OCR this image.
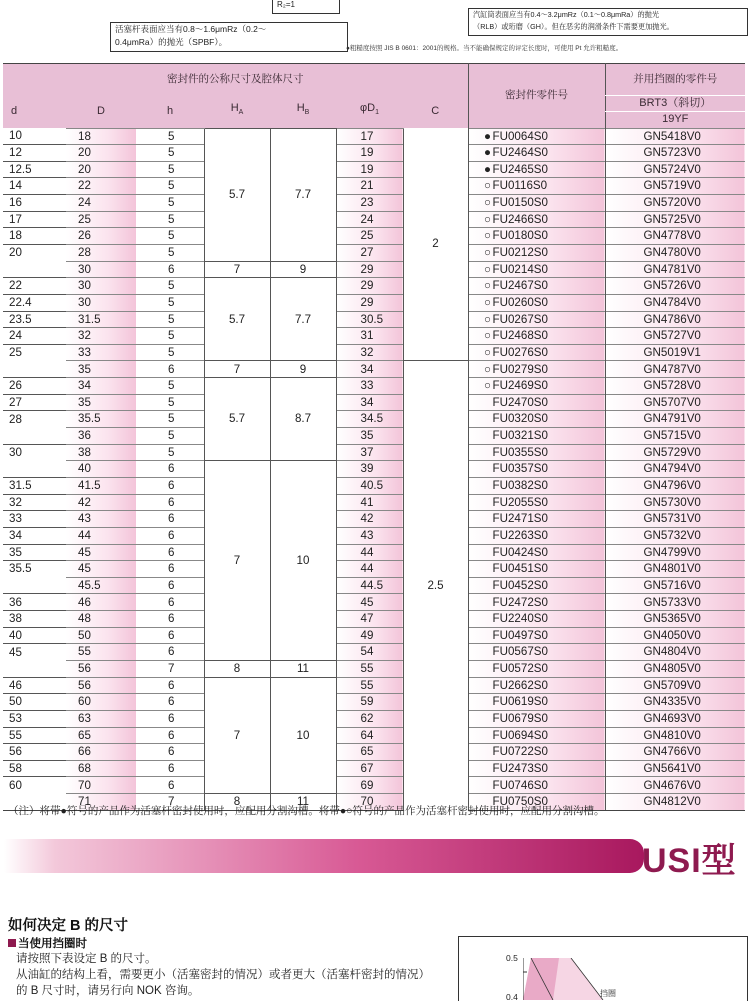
R₂=1
活塞杆表面应当有0.8～1.6μmRz（0.2～
0.4μmRa）的抛光（SPBF）。
汽缸筒表面应当有0.4～3.2μmRz（0.1～0.8μmRa）的抛光
（RLB）或珩磨（GH）。但在恶劣的润滑条件下需要更加抛光。
●粗糙度按照 JIS B 0601：2001的规格。当不能确保规定的评定长度时，可使用 Pt 允许粗糙度。
密封件的公称尺寸及腔体尺寸							密封件零件号	并用挡圈的零件号
d	D	h	$H_A$	$H_B$	$\varphi D_1$	C		BRT3（斜切）
								19YF
10	18	5	5.7	7.7	17	2	● FU0064S0	GN5418V0
12	20	5			19		● FU2464S0	GN5723V0
12.5	20	5			19		● FU2465S0	GN5724V0
14	22	5			21		○ FU0116S0	GN5719V0
16	24	5			23		○ FU0150S0	GN5720V0
17	25	5			24		○ FU2466S0	GN5725V0
18	26	5			25		○ FU0180S0	GN4778V0
20	28	5			27		○ FU0212S0	GN4780V0
	30	6	7	9	29		○ FU0214S0	GN4781V0
22	30	5	5.7	7.7	29		○ FU2467S0	GN5726V0
22.4	30	5			29		○ FU0260S0	GN4784V0
23.5	31.5	5			30.5		○ FU0267S0	GN4786V0
24	32	5			31		○ FU2468S0	GN5727V0
25	33	5			32		○ FU0276S0	GN5019V1
	35	6	7	9	34	2.5	○ FU0279S0	GN4787V0
26	34	5	5.7	8.7	33		○ FU2469S0	GN5728V0
27	35	5			34		FU2470S0	GN5707V0
28	35.5	5			34.5		FU0320S0	GN4791V0
	36	5			35		FU0321S0	GN5715V0
30	38	5			37		FU0355S0	GN5729V0
	40	6	7	10	39		FU0357S0	GN4794V0
31.5	41.5	6			40.5		FU0382S0	GN4796V0
32	42	6			41		FU2055S0	GN5730V0
33	43	6			42		FU2471S0	GN5731V0
34	44	6			43		FU2263S0	GN5732V0
35	45	6			44		FU0424S0	GN4799V0
35.5	45	6			44		FU0451S0	GN4801V0
	45.5	6			44.5		FU0452S0	GN5716V0
36	46	6			45		FU2472S0	GN5733V0
38	48	6			47		FU2240S0	GN5365V0
40	50	6			49		FU0497S0	GN4050V0
45	55	6			54		FU0567S0	GN4804V0
	56	7	8	11	55		FU0572S0	GN4805V0
46	56	6	7	10	55		FU2662S0	GN5709V0
50	60	6			59		FU0619S0	GN4335V0
53	63	6			62		FU0679S0	GN4693V0
55	65	6			64		FU0694S0	GN4810V0
56	66	6			65		FU0722S0	GN4766V0
58	68	6			67		FU2473S0	GN5641V0
60	70	6			69		FU0746S0	GN4676V0
	71	7	8	11	70		FU0750S0	GN4812V0
（注）将带●符号的产品作为活塞杆密封使用时，应配用分割沟槽。将带●○符号的产品作为活塞杆密封使用时，应配用分割沟槽。
USI型
如何决定 B 的尺寸
当使用挡圈时
请按照下表设定 B 的尺寸。
从油缸的结构上看，需要更小（活塞密封的情况）或者更大（活塞杆密封的情况）
的 B 尺寸时，请另行向 NOK 咨询。
0.5
0.4	挡圈
